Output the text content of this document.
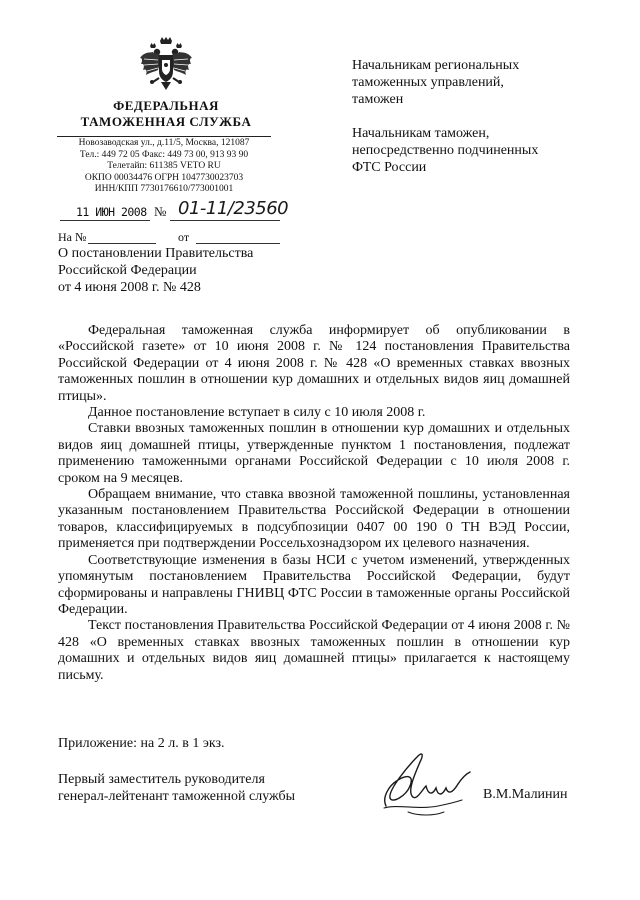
ФЕДЕРАЛЬНАЯ
ТАМОЖЕННАЯ СЛУЖБА
Новозаводская ул., д.11/5, Москва, 121087
Тел.: 449 72 05 Факс: 449 73 00, 913 93 90
Телетайп: 611385 VETO RU
ОКПО 00034476 ОГРН 1047730023703
ИНН/КПП 7730176610/773001001
11 ИЮН 2008 № 01-11/23560
На №	от
О постановлении Правительства
Российской Федерации
от 4 июня 2008 г. № 428
Начальникам региональных
таможенных управлений,
таможен
Начальникам таможен,
непосредственно подчиненных
ФТС России

Федеральная таможенная служба информирует об опубликовании в «Российской газете» от 10 июня 2008 г. № 124 постановления Правительства Российской Федерации от 4 июня 2008 г. № 428 «О временных ставках ввозных таможенных пошлин в отношении кур домашних и отдельных видов яиц домашней птицы».

Данное постановление вступает в силу с 10 июля 2008 г.

Ставки ввозных таможенных пошлин в отношении кур домашних и отдельных видов яиц домашней птицы, утвержденные пунктом 1 постановления, подлежат применению таможенными органами Российской Федерации с 10 июля 2008 г. сроком на 9 месяцев.

Обращаем внимание, что ставка ввозной таможенной пошлины, установленная указанным постановлением Правительства Российской Федерации в отношении товаров, классифицируемых в подсубпозиции 0407 00 190 0 ТН ВЭД России, применяется при подтверждении Россельхознадзором их целевого назначения.

Соответствующие изменения в базы НСИ с учетом изменений, утвержденных упомянутым постановлением Правительства Российской Федерации, будут сформированы и направлены ГНИВЦ ФТС России в таможенные органы Российской Федерации.

Текст постановления Правительства Российской Федерации от 4 июня 2008 г. № 428 «О временных ставках ввозных таможенных пошлин в отношении кур домашних и отдельных видов яиц домашней птицы» прилагается к настоящему письму.

Приложение: на 2 л. в 1 экз.
Первый заместитель руководителя
генерал-лейтенант таможенной службы	В.М.Малинин
